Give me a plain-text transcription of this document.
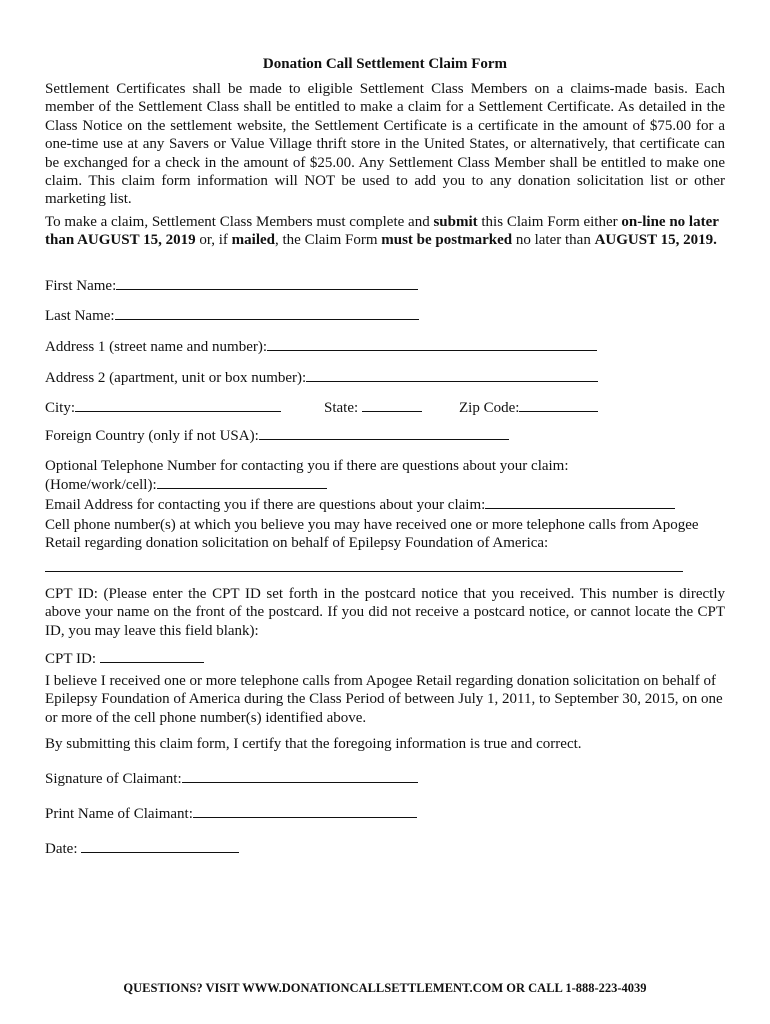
Donation Call Settlement Claim Form
Settlement Certificates shall be made to eligible Settlement Class Members on a claims-made basis. Each member of the Settlement Class shall be entitled to make a claim for a Settlement Certificate. As detailed in the Class Notice on the settlement website, the Settlement Certificate is a certificate in the amount of $75.00 for a one-time use at any Savers or Value Village thrift store in the United States, or alternatively, that certificate can be exchanged for a check in the amount of $25.00. Any Settlement Class Member shall be entitled to make one claim. This claim form information will NOT be used to add you to any donation solicitation list or other marketing list.
To make a claim, Settlement Class Members must complete and submit this Claim Form either on-line no later than AUGUST 15, 2019 or, if mailed, the Claim Form must be postmarked no later than AUGUST 15, 2019.
First Name:
Last Name:
Address 1 (street name and number):
Address 2 (apartment, unit or box number):
City:	State:	Zip Code:
Foreign Country (only if not USA):
Optional Telephone Number for contacting you if there are questions about your claim:
(Home/work/cell):
Email Address for contacting you if there are questions about your claim:
Cell phone number(s) at which you believe you may have received one or more telephone calls from Apogee Retail regarding donation solicitation on behalf of Epilepsy Foundation of America:
CPT ID: (Please enter the CPT ID set forth in the postcard notice that you received. This number is directly above your name on the front of the postcard. If you did not receive a postcard notice, or cannot locate the CPT ID, you may leave this field blank):
CPT ID:
I believe I received one or more telephone calls from Apogee Retail regarding donation solicitation on behalf of Epilepsy Foundation of America during the Class Period of between July 1, 2011, to September 30, 2015, on one or more of the cell phone number(s) identified above.
By submitting this claim form, I certify that the foregoing information is true and correct.
Signature of Claimant:
Print Name of Claimant:
Date:
QUESTIONS? VISIT WWW.DONATIONCALLSETTLEMENT.COM OR CALL 1-888-223-4039
